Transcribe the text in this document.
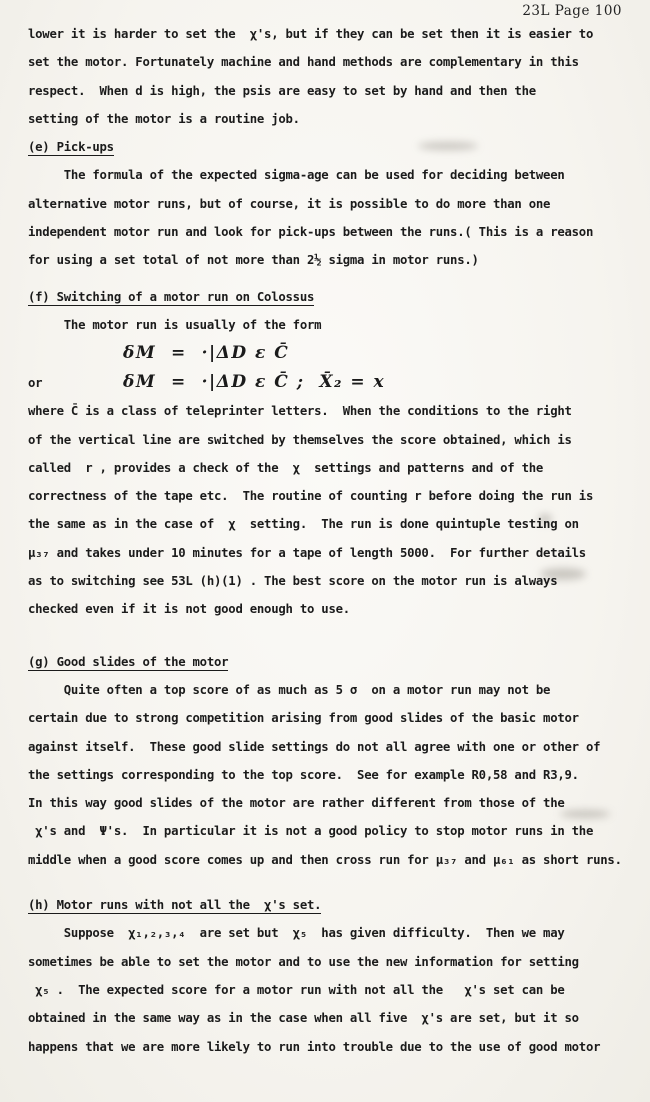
23L Page 100
lower it is harder to set the  χ's, but if they can be set then it is easier to
set the motor. Fortunately machine and hand methods are complementary in this
respect.  When d is high, the psis are easy to set by hand and then the
setting of the motor is a routine job.
(e) Pick-ups
The formula of the expected sigma-age can be used for deciding between
alternative motor runs, but of course, it is possible to do more than one
independent motor run and look for pick-ups between the runs.( This is a reason
for using a set total of not more than 2½ sigma in motor runs.)
(f) Switching of a motor run on Colossus
The motor run is usually of the form
δM  =  ·|ΔD ε C̄
or	δM  =  ·|ΔD ε C̄ ;  X̄₂ = x
where C̄ is a class of teleprinter letters.  When the conditions to the right
of the vertical line are switched by themselves the score obtained, which is
called  r , provides a check of the  χ  settings and patterns and of the
correctness of the tape etc.  The routine of counting r before doing the run is
the same as in the case of  χ  setting.  The run is done quintuple testing on
μ₃₇ and takes under 10 minutes for a tape of length 5000.  For further details
as to switching see 53L (h)(1) . The best score on the motor run is always
checked even if it is not good enough to use.
(g) Good slides of the motor
Quite often a top score of as much as 5 σ  on a motor run may not be
certain due to strong competition arising from good slides of the basic motor
against itself.  These good slide settings do not all agree with one or other of
the settings corresponding to the top score.  See for example R0,58 and R3,9.
In this way good slides of the motor are rather different from those of the
χ's and  Ψ's.  In particular it is not a good policy to stop motor runs in the
middle when a good score comes up and then cross run for μ₃₇ and μ₆₁ as short runs.
(h) Motor runs with not all the  χ's set.
Suppose  χ₁,₂,₃,₄  are set but  χ₅  has given difficulty.  Then we may
sometimes be able to set the motor and to use the new information for setting
χ₅ .  The expected score for a motor run with not all the   χ's set can be
obtained in the same way as in the case when all five  χ's are set, but it so
happens that we are more likely to run into trouble due to the use of good motor
